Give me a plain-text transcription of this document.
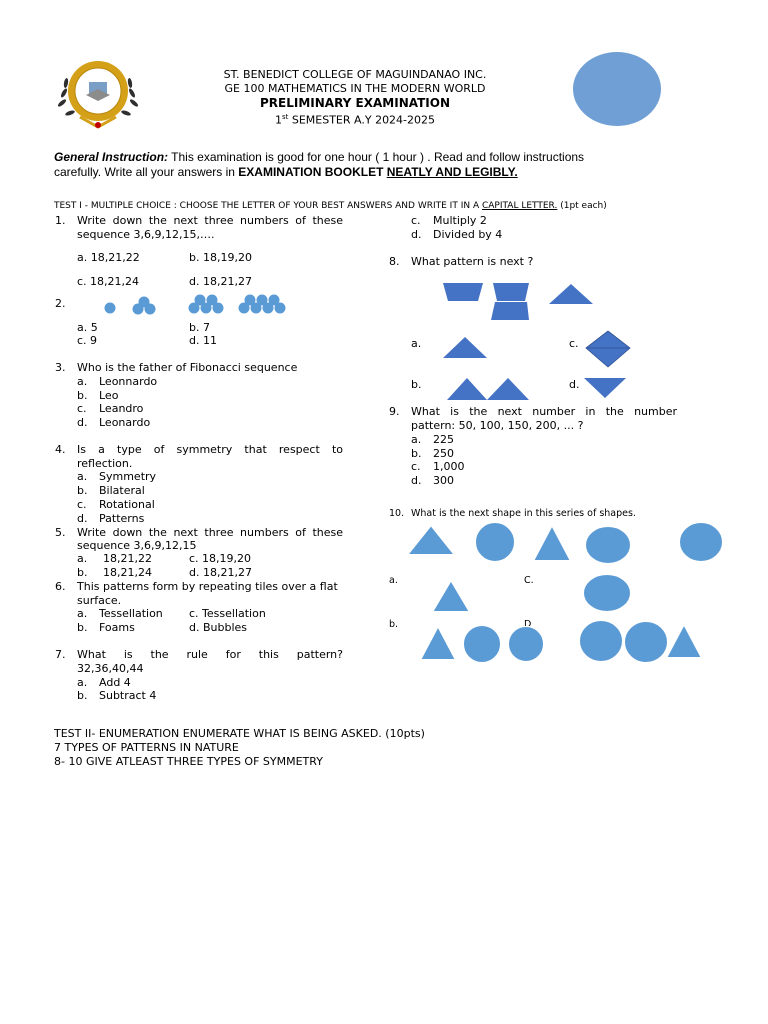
ST. BENEDICT COLLEGE OF MAGUINDANAO INC.
GE 100 MATHEMATICS IN THE MODERN WORLD
PRELIMINARY EXAMINATION
1st SEMESTER A.Y 2024-2025
General Instruction: This examination is good for one hour ( 1 hour ) . Read and follow instructions
carefully. Write all your answers in EXAMINATION BOOKLET NEATLY AND LEGIBLY.
TEST I - MULTIPLE CHOICE : CHOOSE THE LETTER OF YOUR BEST ANSWERS AND WRITE IT IN A CAPITAL LETTER. (1pt each)
1. Write down the next three numbers of these
sequence 3,6,9,12,15,….
a. 18,21,22	b. 18,19,20
c. 18,21,24	d. 18,21,27
2.
a. 5	b. 7
c. 9	d. 11
3. Who is the father of Fibonacci sequence
a. Leonnardo
b. Leo
c. Leandro
d. Leonardo
4. Is a type of symmetry that respect to
reflection.
a. Symmetry
b. Bilateral
c. Rotational
d. Patterns
5. Write down the next three numbers of these
sequence 3,6,9,12,15
a. 18,21,22	c. 18,19,20
b. 18,21,24	d. 18,21,27
6. This patterns form by repeating tiles over a flat
surface.
a. Tessellation c. Tessellation
b. Foams	d. Bubbles
7. What is the rule for this pattern?
32,36,40,44
a. Add 4
b. Subtract 4
c. Multiply 2
d. Divided by 4
8. What pattern is next ?
a.	c.
b.	d.
9. What is the next number in the number
pattern: 50, 100, 150, 200, ... ?
a. 225
b. 250
c. 1,000
d. 300
10. What is the next shape in this series of shapes.
a.	C.
b.	D
TEST II- ENUMERATION ENUMERATE WHAT IS BEING ASKED. (10pts)
7 TYPES OF PATTERNS IN NATURE
8- 10 GIVE ATLEAST THREE TYPES OF SYMMETRY
